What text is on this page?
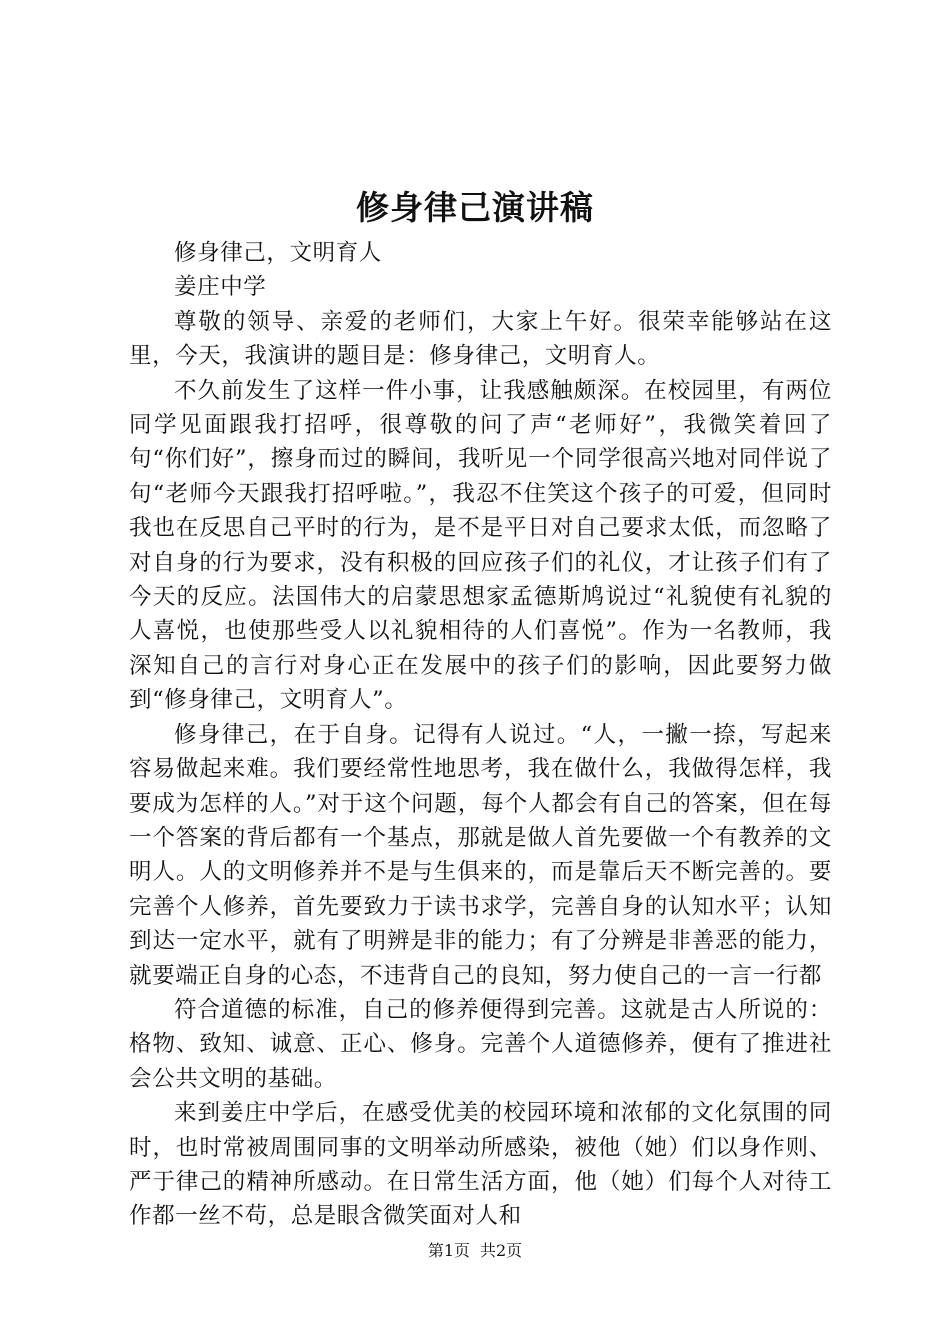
修身律己演讲稿

修身律己，文明育人

姜庄中学

尊敬的领导、亲爱的老师们，大家上午好。很荣幸能够站在这里，今天，我演讲的题目是：修身律己，文明育人。

不久前发生了这样一件小事，让我感触颇深。在校园里，有两位同学见面跟我打招呼，很尊敬的问了声“老师好”，我微笑着回了句“你们好”，擦身而过的瞬间，我听见一个同学很高兴地对同伴说了句“老师今天跟我打招呼啦。”，我忍不住笑这个孩子的可爱，但同时我也在反思自己平时的行为，是不是平日对自己要求太低，而忽略了对自身的行为要求，没有积极的回应孩子们的礼仪，才让孩子们有了今天的反应。法国伟大的启蒙思想家孟德斯鸠说过“礼貌使有礼貌的人喜悦，也使那些受人以礼貌相待的人们喜悦”。作为一名教师，我深知自己的言行对身心正在发展中的孩子们的影响，因此要努力做到“修身律己，文明育人”。

修身律己，在于自身。记得有人说过。“人，一撇一捺，写起来容易做起来难。我们要经常性地思考，我在做什么，我做得怎样，我要成为怎样的人。”对于这个问题，每个人都会有自己的答案，但在每一个答案的背后都有一个基点，那就是做人首先要做一个有教养的文明人。人的文明修养并不是与生俱来的，而是靠后天不断完善的。要完善个人修养，首先要致力于读书求学，完善自身的认知水平；认知到达一定水平，就有了明辨是非的能力；有了分辨是非善恶的能力，就要端正自身的心态，不违背自己的良知，努力使自己的一言一行都

符合道德的标准，自己的修养便得到完善。这就是古人所说的：格物、致知、诚意、正心、修身。完善个人道德修养，便有了推进社会公共文明的基础。

来到姜庄中学后，在感受优美的校园环境和浓郁的文化氛围的同时，也时常被周围同事的文明举动所感染，被他（她）们以身作则、严于律己的精神所感动。在日常生活方面，他（她）们每个人对待工作都一丝不苟，总是眼含微笑面对人和

第1页 共2页
